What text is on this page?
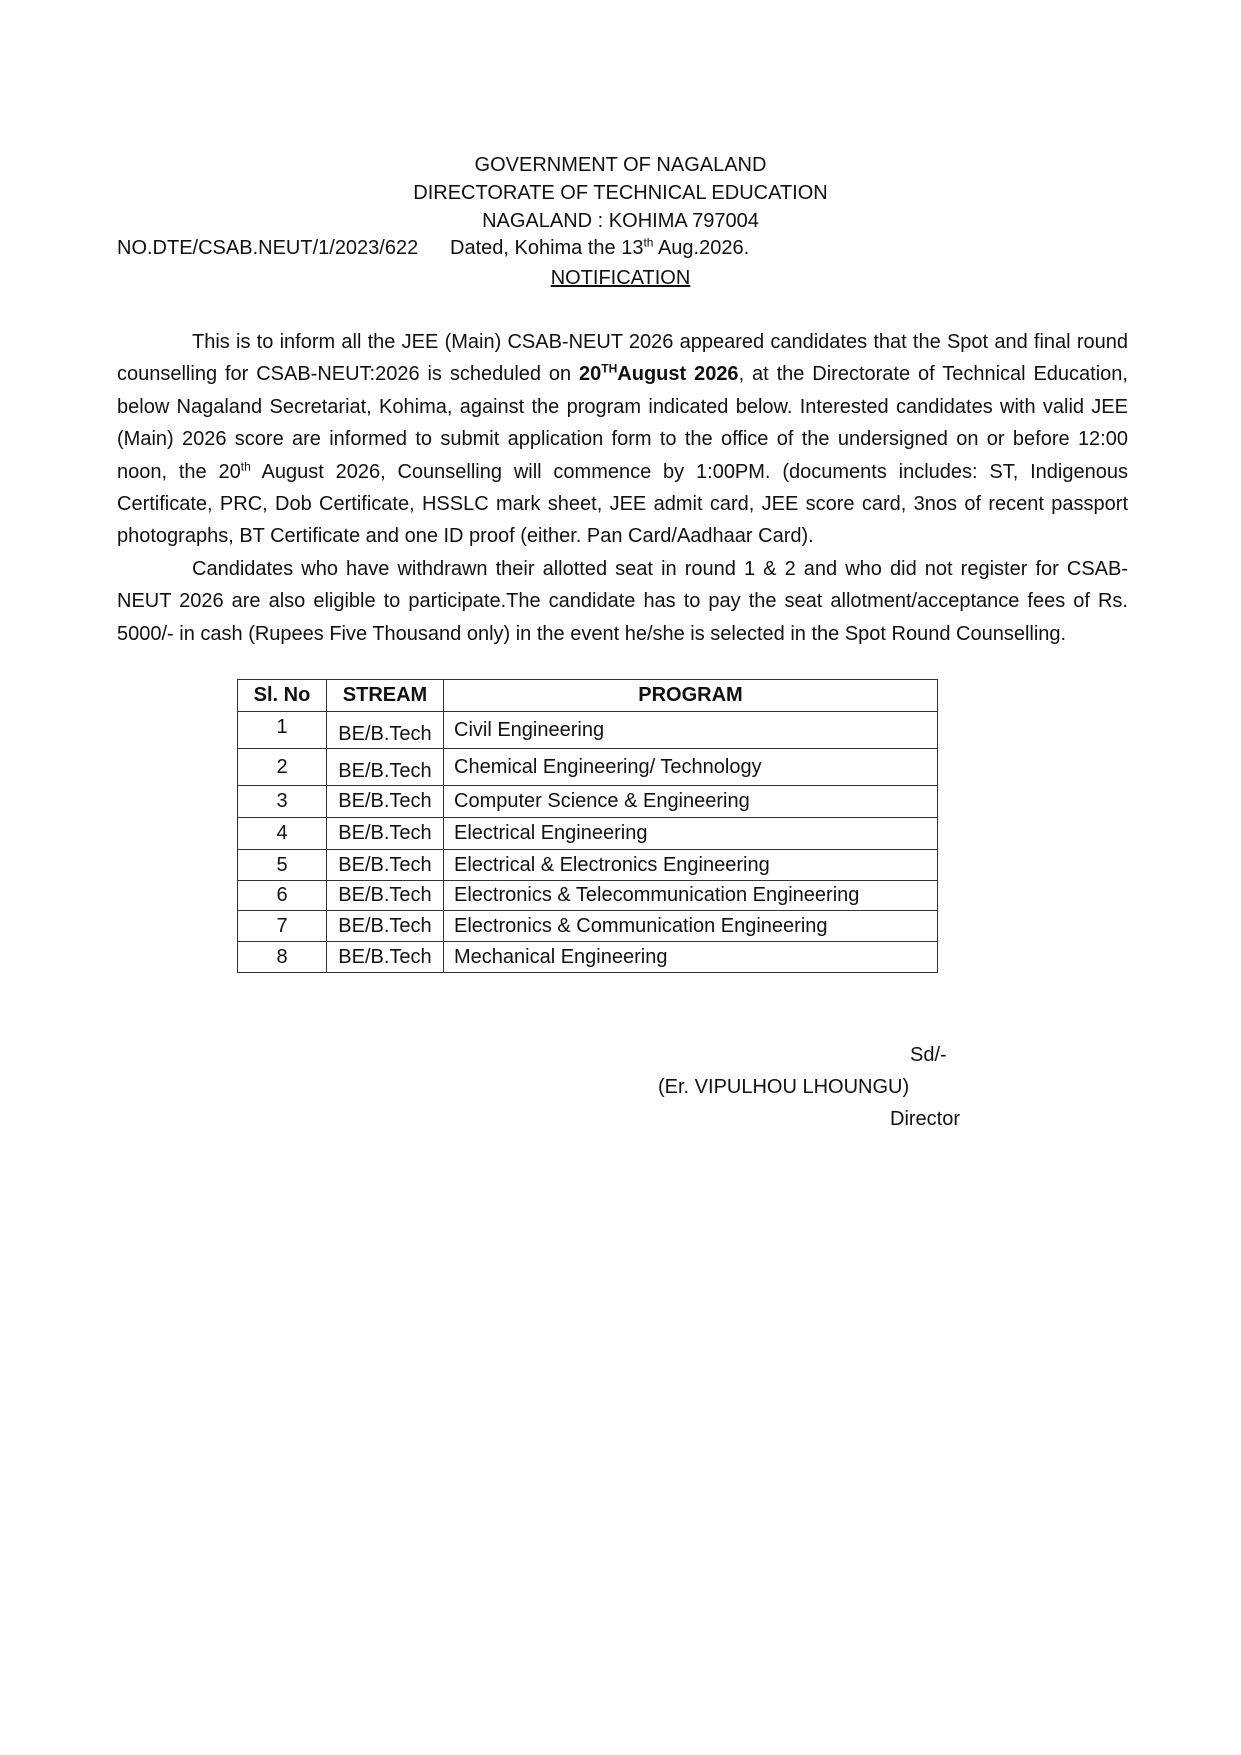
GOVERNMENT OF NAGALAND
DIRECTORATE OF TECHNICAL EDUCATION
NAGALAND : KOHIMA 797004
NO.DTE/CSAB.NEUT/1/2023/622 Dated, Kohima the 13th Aug.2026.
NOTIFICATION

This is to inform all the JEE (Main) CSAB-NEUT 2026 appeared candidates that the Spot and final round counselling for CSAB-NEUT:2026 is scheduled on 20THAugust 2026, at the Directorate of Technical Education, below Nagaland Secretariat, Kohima, against the program indicated below. Interested candidates with valid JEE (Main) 2026 score are informed to submit application form to the office of the undersigned on or before 12:00 noon, the 20th August 2026, Counselling will commence by 1:00PM. (documents includes: ST, Indigenous Certificate, PRC, Dob Certificate, HSSLC mark sheet, JEE admit card, JEE score card, 3nos of recent passport photographs, BT Certificate and one ID proof (either. Pan Card/Aadhaar Card).

Candidates who have withdrawn their allotted seat in round 1 & 2 and who did not register for CSAB-NEUT 2026 are also eligible to participate.The candidate has to pay the seat allotment/acceptance fees of Rs. 5000/- in cash (Rupees Five Thousand only) in the event he/she is selected in the Spot Round Counselling.

Sl. No	STREAM	PROGRAM
1	BE/B.Tech	Civil Engineering
2	BE/B.Tech	Chemical Engineering/ Technology
3	BE/B.Tech	Computer Science & Engineering
4	BE/B.Tech	Electrical Engineering
5	BE/B.Tech	Electrical & Electronics Engineering
6	BE/B.Tech	Electronics & Telecommunication Engineering
7	BE/B.Tech	Electronics & Communication Engineering
8	BE/B.Tech	Mechanical Engineering
Sd/-
(Er. VIPULHOU LHOUNGU)
Director
